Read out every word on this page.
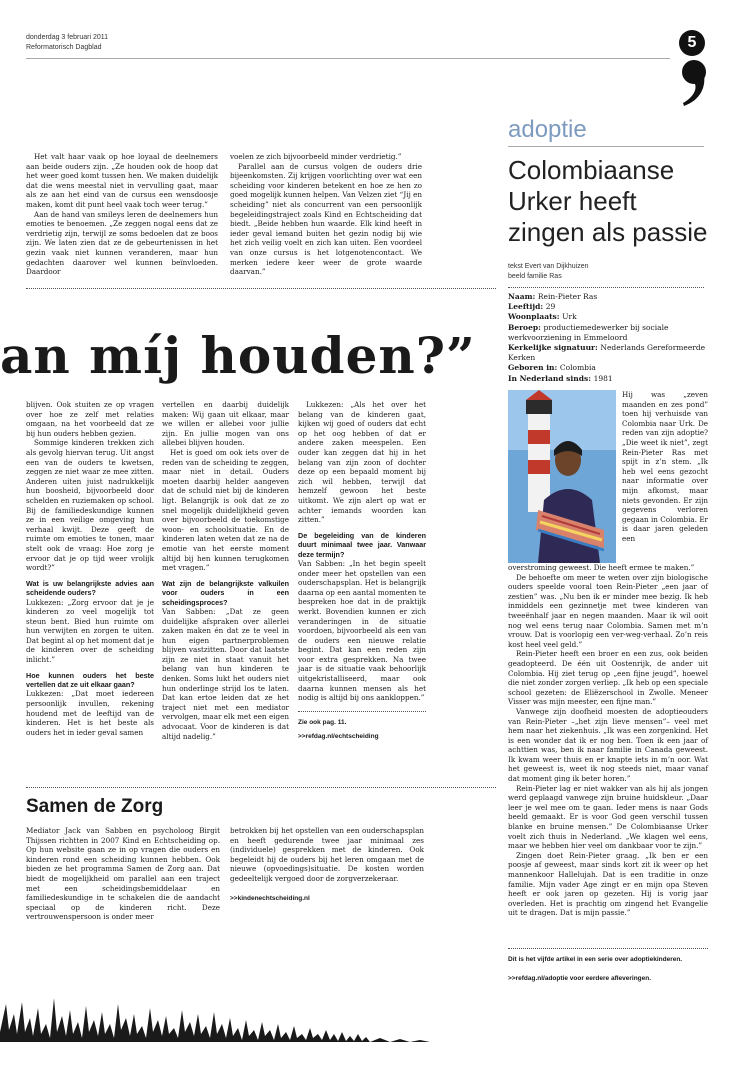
donderdag 3 februari 2011
Reformatorisch Dagblad	5

Het valt haar vaak op hoe loyaal de deelnemers aan beide ouders zijn. „Ze houden ook de hoop dat het weer goed komt tussen hen. We maken duidelijk dat die wens meestal niet in vervulling gaat, maar als ze aan het eind van de cursus een wensdoosje maken, komt dit punt heel vaak toch weer terug.”

Aan de hand van smileys leren de deelnemers hun emoties te benoemen. „Ze zeggen nogal eens dat ze verdrietig zijn, terwijl ze soms bedoelen dat ze boos zijn. We laten zien dat ze de gebeurtenissen in het gezin vaak niet kunnen veranderen, maar hun gedachten daarover wel kunnen beïnvloeden. Daardoor

voelen ze zich bijvoorbeeld minder verdrietig.”

Parallel aan de cursus volgen de ouders drie bijeenkomsten. Zij krijgen voorlichting over wat een scheiding voor kinderen betekent en hoe ze hen zo goed mogelijk kunnen helpen. Van Velzen ziet “Jij en scheiding” niet als concurrent van een persoonlijk begeleidingstraject zoals Kind en Echtscheiding dat biedt. „Beide hebben hun waarde. Elk kind heeft in ieder geval iemand buiten het gezin nodig bij wie het zich veilig voelt en zich kan uiten. Een voordeel van onze cursus is het lotgenotencontact. We merken iedere keer weer de grote waarde daarvan.”

an míj houden?”

blijven. Ook stuiten ze op vragen over hoe ze zelf met relaties omgaan, na het voorbeeld dat ze bij hun ouders hebben gezien.

Sommige kinderen trekken zich als gevolg hiervan terug. Uit angst een van de ouders te kwetsen, zeggen ze niet waar ze mee zitten. Anderen uiten juist nadrukkelijk hun boosheid, bijvoorbeeld door schelden en ruziemaken op school. Bij de familiedeskundige kunnen ze in een veilige omgeving hun verhaal kwijt. Deze geeft de ruimte om emoties te tonen, maar stelt ook de vraag: Hoe zorg je ervoor dat je op tijd weer vrolijk wordt?”

Wat is uw belangrijkste advies aan scheidende ouders?

Lukkezen: „Zorg ervoor dat je je kinderen zo veel mogelijk tot steun bent. Bied hun ruimte om hun verwijten en zorgen te uiten. Dat begint al op het moment dat je de kinderen over de scheiding inlicht.”

Hoe kunnen ouders het beste vertellen dat ze uit elkaar gaan?

Lukkezen: „Dat moet iedereen persoonlijk invullen, rekening houdend met de leeftijd van de kinderen. Het is het beste als ouders het in ieder geval samen

vertellen en daarbij duidelijk maken: Wij gaan uit elkaar, maar we willen er allebei voor jullie zijn. En jullie mogen van ons allebei blijven houden.

Het is goed om ook iets over de reden van de scheiding te zeggen, maar niet in detail. Ouders moeten daarbij helder aangeven dat de schuld niet bij de kinderen ligt. Belangrijk is ook dat ze zo snel mogelijk duidelijkheid geven over bijvoorbeeld de toekomstige woon- en schoolsituatie. En de kinderen laten weten dat ze na de emotie van het eerste moment altijd bij hen kunnen terugkomen met vragen.”

Wat zijn de belangrijkste valkuilen voor ouders in een scheidingsproces?

Van Sabben: „Dat ze geen duidelijke afspraken over allerlei zaken maken én dat ze te veel in hun eigen partnerproblemen blijven vastzitten. Door dat laatste zijn ze niet in staat vanuit het belang van hun kinderen te denken. Soms lukt het ouders niet hun onderlinge strijd los te laten. Dat kan ertoe leiden dat ze het traject niet met een mediator vervolgen, maar elk met een eigen advocaat. Voor de kinderen is dat altijd nadelig.”

Lukkezen: „Als het over het belang van de kinderen gaat, kijken wij goed of ouders dat echt op het oog hebben of dat er andere zaken meespelen. Een ouder kan zeggen dat hij in het belang van zijn zoon of dochter deze op een bepaald moment bij zich wil hebben, terwijl dat hemzelf gewoon het beste uitkomt. We zijn alert op wat er achter iemands woorden kan zitten.”

De begeleiding van de kinderen duurt minimaal twee jaar. Vanwaar deze termijn?

Van Sabben: „In het begin speelt onder meer het opstellen van een ouderschapsplan. Het is belangrijk daarna op een aantal momenten te bespreken hoe dat in de praktijk werkt. Bovendien kunnen er zich veranderingen in de situatie voordoen, bijvoorbeeld als een van de ouders een nieuwe relatie begint. Dat kan een reden zijn voor extra gesprekken. Na twee jaar is de situatie vaak behoorlijk uitgekristalliseerd, maar ook daarna kunnen mensen als het nodig is altijd bij ons aankloppen.”

Zie ook pag. 11.
>>refdag.nl/echtscheiding
Samen de Zorg

Mediator Jack van Sabben en psycholoog Birgit Thijssen richtten in 2007 Kind en Echtscheiding op. Op hun website gaan ze in op vragen die ouders en kinderen rond een scheiding kunnen hebben. Ook bieden ze het programma Samen de Zorg aan. Dat biedt de mogelijkheid om parallel aan een traject met een scheidingsbemiddelaar en familiedeskundige in te schakelen die de aandacht speciaal op de kinderen richt. Deze vertrouwenspersoon is onder meer

betrokken bij het opstellen van een ouderschapsplan en heeft gedurende twee jaar minimaal zes (individuele) gesprekken met de kinderen. Ook begeleidt hij de ouders bij het leren omgaan met de nieuwe (opvoedings)situatie. De kosten worden gedeeltelijk vergoed door de zorgverzekeraar.

>>kindenechtscheiding.nl
adoptie
Colombiaanse Urker heeft zingen als passie
tekst Evert van Dijkhuizen
beeld familie Ras
Naam: Rein-Pieter Ras
Leeftijd: 29
Woonplaats: Urk
Beroep: productiemedewerker bij sociale werkvoorziening in Emmeloord
Kerkelijke signatuur: Nederlands Gereformeerde Kerken
Geboren in: Colombia
In Nederland sinds: 1981

Hij was „zeven maanden en zes pond” toen hij verhuisde van Colombia naar Urk. De reden van zijn adoptie? „Die weet ik niet”, zegt Rein-Pieter Ras met spijt in z’n stem. „Ik heb wel eens gezocht naar informatie over mijn afkomst, maar niets gevonden. Er zijn gegevens verloren gegaan in Colombia. Er is daar jaren geleden een

overstroming geweest. Die heeft ermee te maken.”

De behoefte om meer te weten over zijn biologische ouders speelde vooral toen Rein-Pieter „een jaar of zestien” was. „Nu ben ik er minder mee bezig. Ik heb inmiddels een gezinnetje met twee kinderen van tweeënhalf jaar en negen maanden. Maar ik wil ooit nog wel eens terug naar Colombia. Samen met m’n vrouw. Dat is voorlopig een ver-weg-verhaal. Zo’n reis kost heel veel geld.”

Rein-Pieter heeft een broer en een zus, ook beiden geadopteerd. De één uit Oostenrijk, de ander uit Colombia. Hij ziet terug op „een fijne jeugd”, hoewel die niet zonder zorgen verliep. „Ik heb op een speciale school gezeten: de Eliëzerschool in Zwolle. Meneer Visser was mijn meester, een fijne man.”

Vanwege zijn doofheid moesten de adoptieouders van Rein-Pieter –„het zijn lieve mensen”– veel met hem naar het ziekenhuis. „Ik was een zorgenkind. Het is een wonder dat ik er nog ben. Toen ik een jaar of achttien was, ben ik naar familie in Canada geweest. Ik kwam weer thuis en er knapte iets in m’n oor. Wat het geweest is, weet ik nog steeds niet, maar vanaf dat moment ging ik beter horen.”

Rein-Pieter lag er niet wakker van als hij als jongen werd geplaagd vanwege zijn bruine huidskleur. „Daar leer je wel mee om te gaan. Ieder mens is naar Gods beeld gemaakt. Er is voor God geen verschil tussen blanke en bruine mensen.” De Colombiaanse Urker voelt zich thuis in Nederland. „We klagen wel eens, maar we hebben hier veel om dankbaar voor te zijn.”

Zingen doet Rein-Pieter graag. „Ik ben er een poosje af geweest, maar sinds kort zit ik weer op het mannenkoor Hallelujah. Dat is een traditie in onze familie. Mijn vader Age zingt er en mijn opa Steven heeft er ook jaren op gezeten. Hij is vorig jaar overleden. Het is prachtig om zingend het Evangelie uit te dragen. Dat is mijn passie.”

Dit is het vijfde artikel in een serie over adoptiekinderen.
>>refdag.nl/adoptie voor eerdere afleveringen.
